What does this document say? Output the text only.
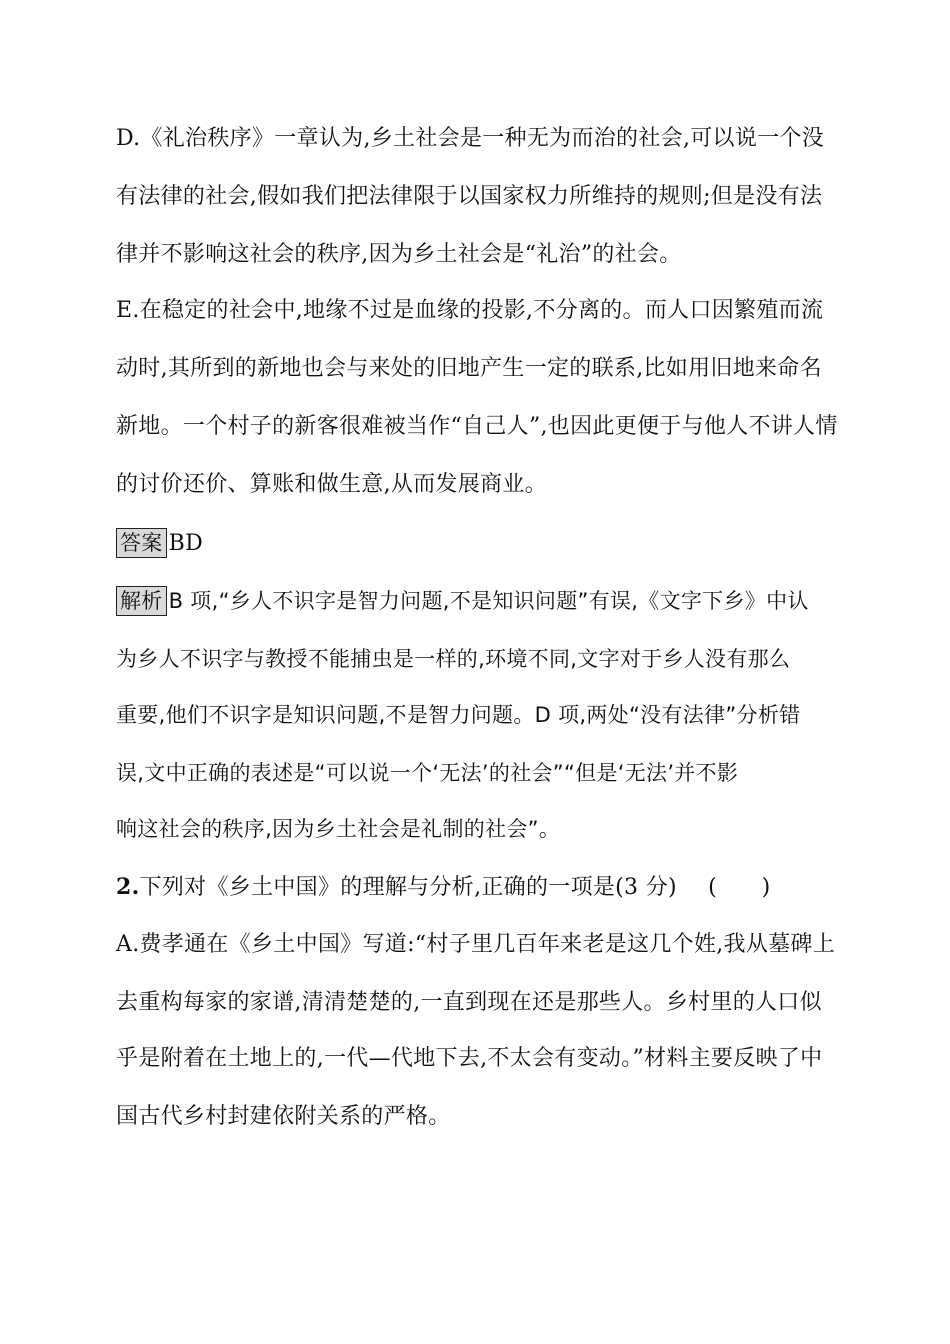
D.《礼治秩序》一章认为,乡土社会是一种无为而治的社会,可以说一个没
有法律的社会,假如我们把法律限于以国家权力所维持的规则;但是没有法
律并不影响这社会的秩序,因为乡土社会是“礼治”的社会。
E.在稳定的社会中,地缘不过是血缘的投影,不分离的。而人口因繁殖而流
动时,其所到的新地也会与来处的旧地产生一定的联系,比如用旧地来命名
新地。一个村子的新客很难被当作“自己人”,也因此更便于与他人不讲人情
的讨价还价、算账和做生意,从而发展商业。
答案 BD
解析 B 项,“乡人不识字是智力问题,不是知识问题”有误,《文字下乡》中认
为乡人不识字与教授不能捕虫是一样的,环境不同,文字对于乡人没有那么
重要,他们不识字是知识问题,不是智力问题。D 项,两处“没有法律”分析错
误,文中正确的表述是“可以说一个‘无法’的社会”“但是‘无法’并不影
响这社会的秩序,因为乡土社会是礼制的社会”。
2.下列对《乡土中国》的理解与分析,正确的一项是(3 分) (　　)
A.费孝通在《乡土中国》写道:“村子里几百年来老是这几个姓,我从墓碑上
去重构每家的家谱,清清楚楚的,一直到现在还是那些人。乡村里的人口似
乎是附着在土地上的,一代—代地下去,不太会有变动。”材料主要反映了中
国古代乡村封建依附关系的严格。
